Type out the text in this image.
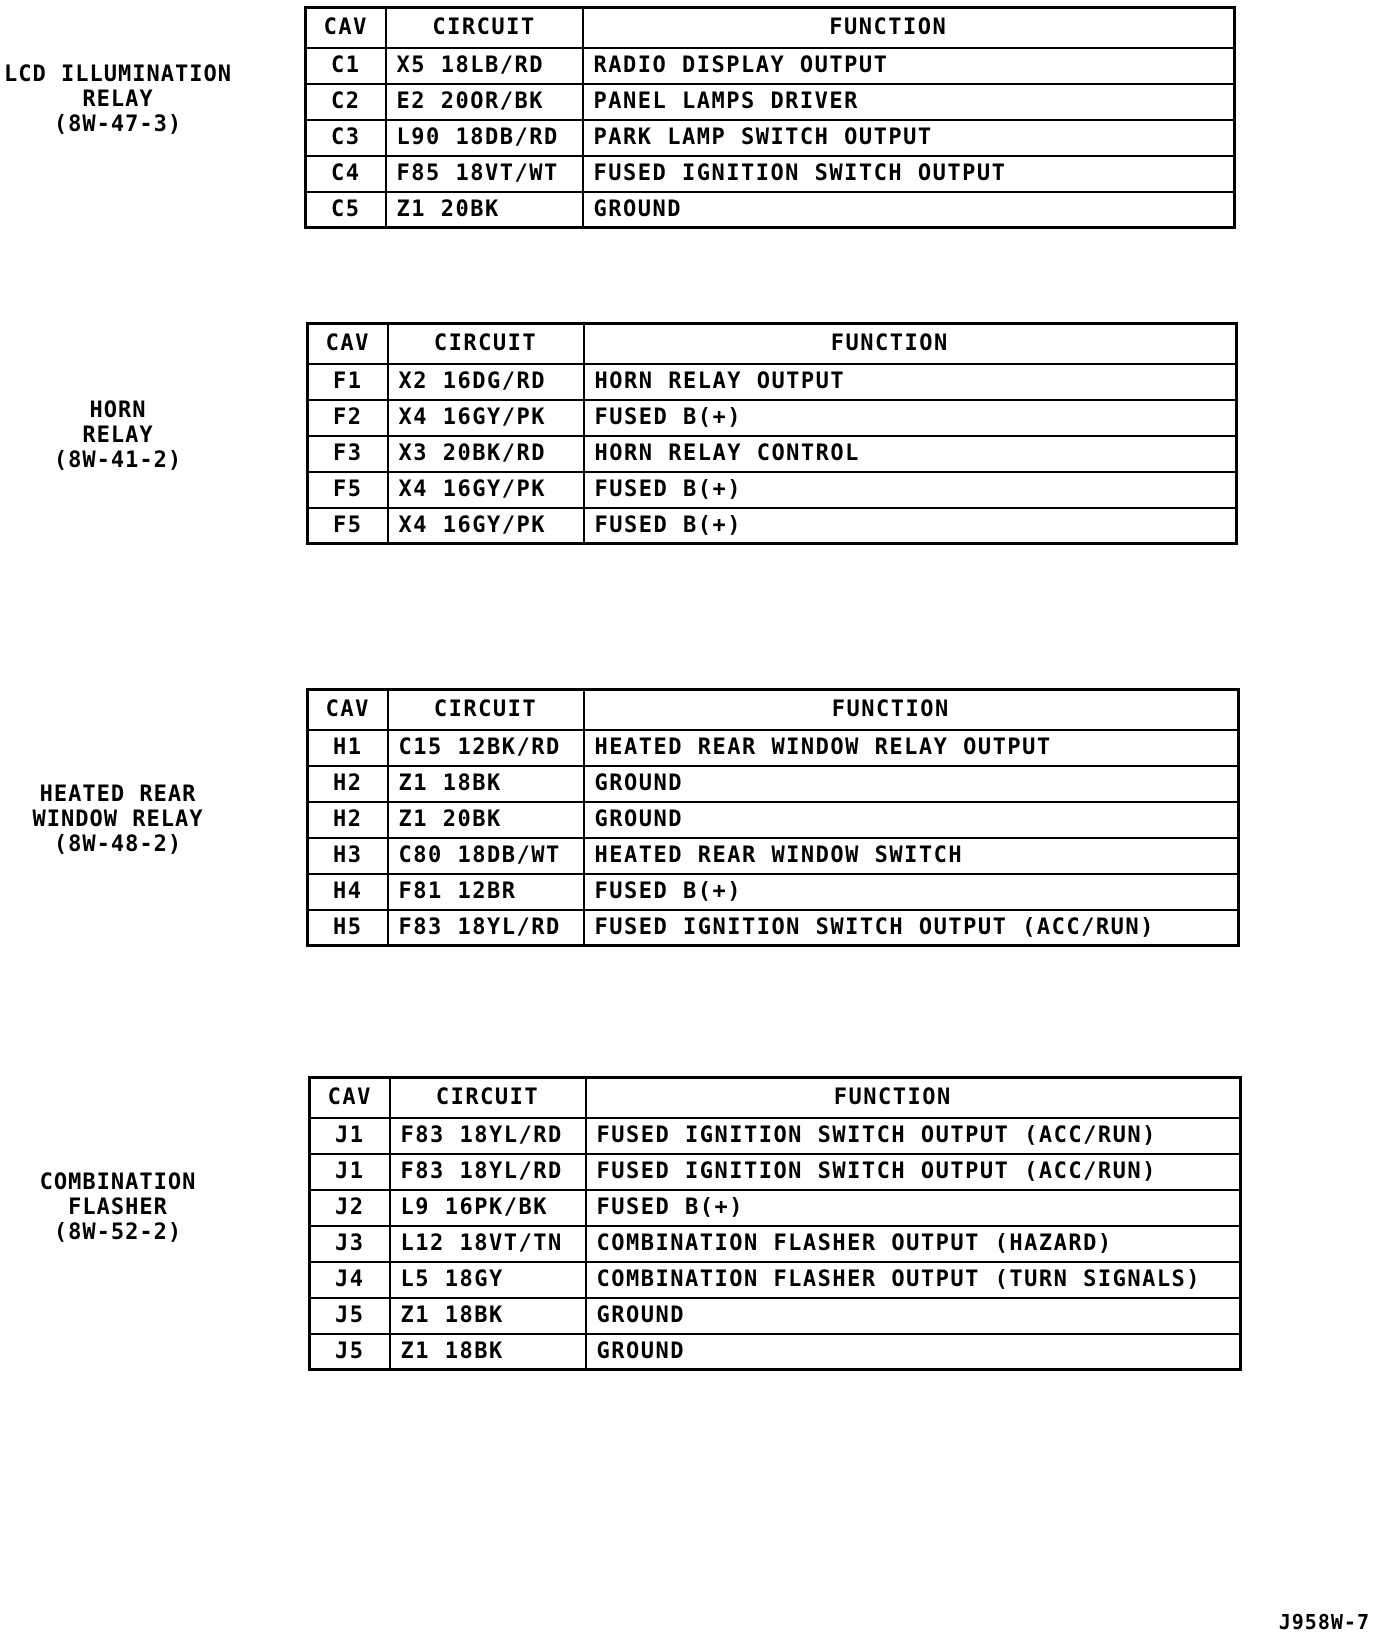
LCD ILLUMINATION
RELAY
(8W-47-3)
CAV	CIRCUIT	FUNCTION
C1	X5 18LB/RD	RADIO DISPLAY OUTPUT
C2	E2 20OR/BK	PANEL LAMPS DRIVER
C3	L90 18DB/RD	PARK LAMP SWITCH OUTPUT
C4	F85 18VT/WT	FUSED IGNITION SWITCH OUTPUT
C5	Z1 20BK	GROUND
HORN
RELAY
(8W-41-2)
CAV	CIRCUIT	FUNCTION
F1	X2 16DG/RD	HORN RELAY OUTPUT
F2	X4 16GY/PK	FUSED B(+)
F3	X3 20BK/RD	HORN RELAY CONTROL
F5	X4 16GY/PK	FUSED B(+)
F5	X4 16GY/PK	FUSED B(+)
HEATED REAR
WINDOW RELAY
(8W-48-2)
CAV	CIRCUIT	FUNCTION
H1	C15 12BK/RD	HEATED REAR WINDOW RELAY OUTPUT
H2	Z1 18BK	GROUND
H2	Z1 20BK	GROUND
H3	C80 18DB/WT	HEATED REAR WINDOW SWITCH
H4	F81 12BR	FUSED B(+)
H5	F83 18YL/RD	FUSED IGNITION SWITCH OUTPUT (ACC/RUN)
COMBINATION
FLASHER
(8W-52-2)
CAV	CIRCUIT	FUNCTION
J1	F83 18YL/RD	FUSED IGNITION SWITCH OUTPUT (ACC/RUN)
J1	F83 18YL/RD	FUSED IGNITION SWITCH OUTPUT (ACC/RUN)
J2	L9 16PK/BK	FUSED B(+)
J3	L12 18VT/TN	COMBINATION FLASHER OUTPUT (HAZARD)
J4	L5 18GY	COMBINATION FLASHER OUTPUT (TURN SIGNALS)
J5	Z1 18BK	GROUND
J5	Z1 18BK	GROUND
J958W-7
